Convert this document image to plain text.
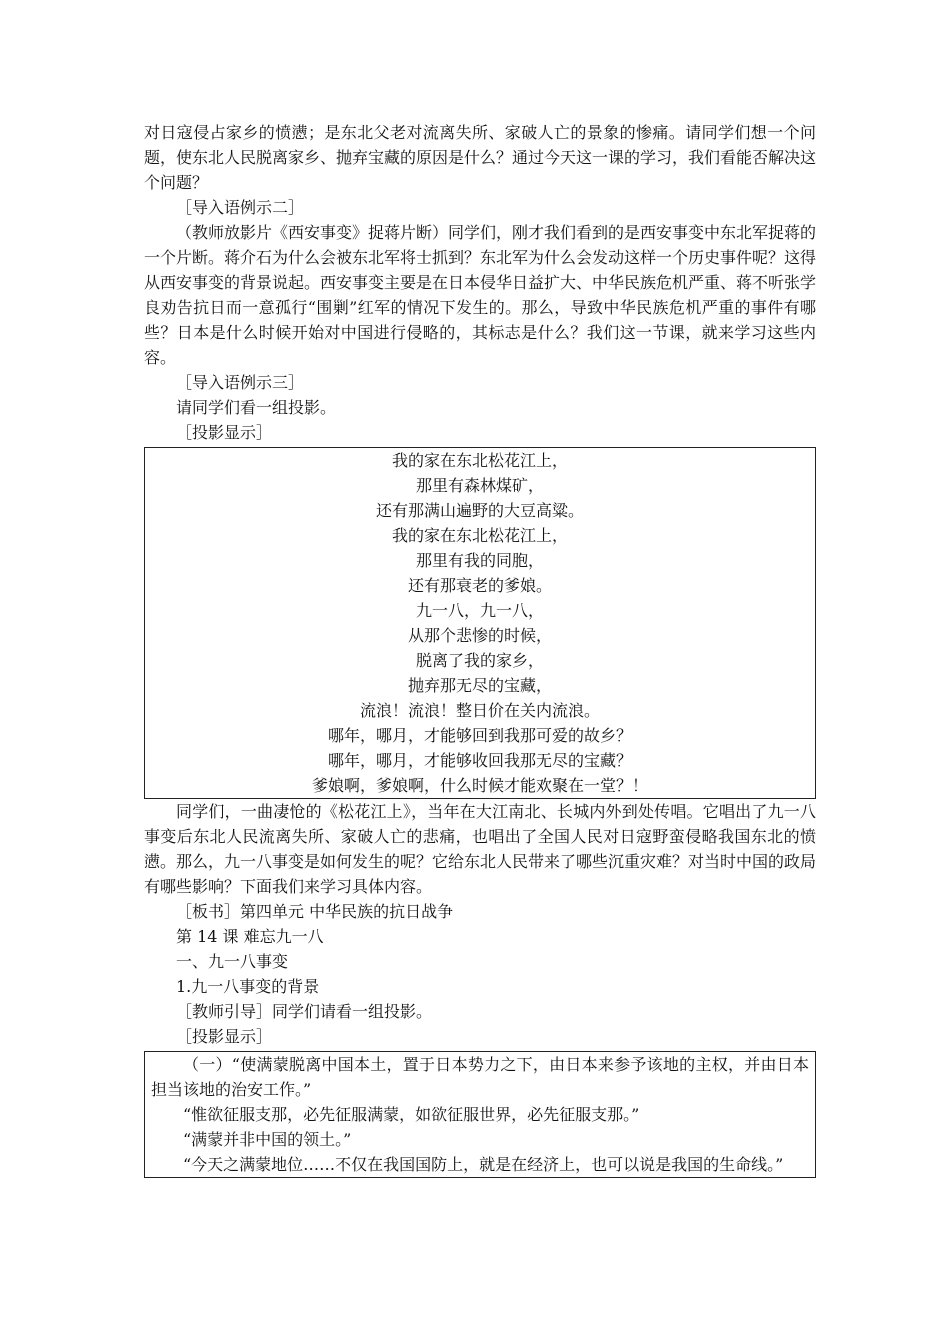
对日寇侵占家乡的愤懑；是东北父老对流离失所、家破人亡的景象的惨痛。请同学们想一个问题，使东北人民脱离家乡、抛弃宝藏的原因是什么？通过今天这一课的学习，我们看能否解决这个问题？

［导入语例示二］

（教师放影片《西安事变》捉蒋片断）同学们，刚才我们看到的是西安事变中东北军捉蒋的一个片断。蒋介石为什么会被东北军将士抓到？东北军为什么会发动这样一个历史事件呢？这得从西安事变的背景说起。西安事变主要是在日本侵华日益扩大、中华民族危机严重、蒋不听张学良劝告抗日而一意孤行“围剿”红军的情况下发生的。那么，导致中华民族危机严重的事件有哪些？日本是什么时候开始对中国进行侵略的，其标志是什么？我们这一节课，就来学习这些内容。

［导入语例示三］

请同学们看一组投影。

［投影显示］

我的家在东北松花江上，
那里有森林煤矿，
还有那满山遍野的大豆高粱。
我的家在东北松花江上，
那里有我的同胞，
还有那衰老的爹娘。
九一八，九一八，
从那个悲惨的时候，
脱离了我的家乡，
抛弃那无尽的宝藏，
流浪！流浪！整日价在关内流浪。
哪年，哪月，才能够回到我那可爱的故乡？
哪年，哪月，才能够收回我那无尽的宝藏？
爹娘啊，爹娘啊，什么时候才能欢聚在一堂？！

同学们，一曲凄怆的《松花江上》，当年在大江南北、长城内外到处传唱。它唱出了九一八事变后东北人民流离失所、家破人亡的悲痛，也唱出了全国人民对日寇野蛮侵略我国东北的愤懑。那么，九一八事变是如何发生的呢？它给东北人民带来了哪些沉重灾难？对当时中国的政局有哪些影响？下面我们来学习具体内容。

［板书］第四单元 中华民族的抗日战争

第 14 课 难忘九一八

一、九一八事变

1.九一八事变的背景

［教师引导］同学们请看一组投影。

［投影显示］

（一）“使满蒙脱离中国本土，置于日本势力之下，由日本来参予该地的主权，并由日本担当该地的治安工作。”

“惟欲征服支那，必先征服满蒙，如欲征服世界，必先征服支那。”

“满蒙并非中国的领土。”

“今天之满蒙地位……不仅在我国国防上，就是在经济上，也可以说是我国的生命线。”
